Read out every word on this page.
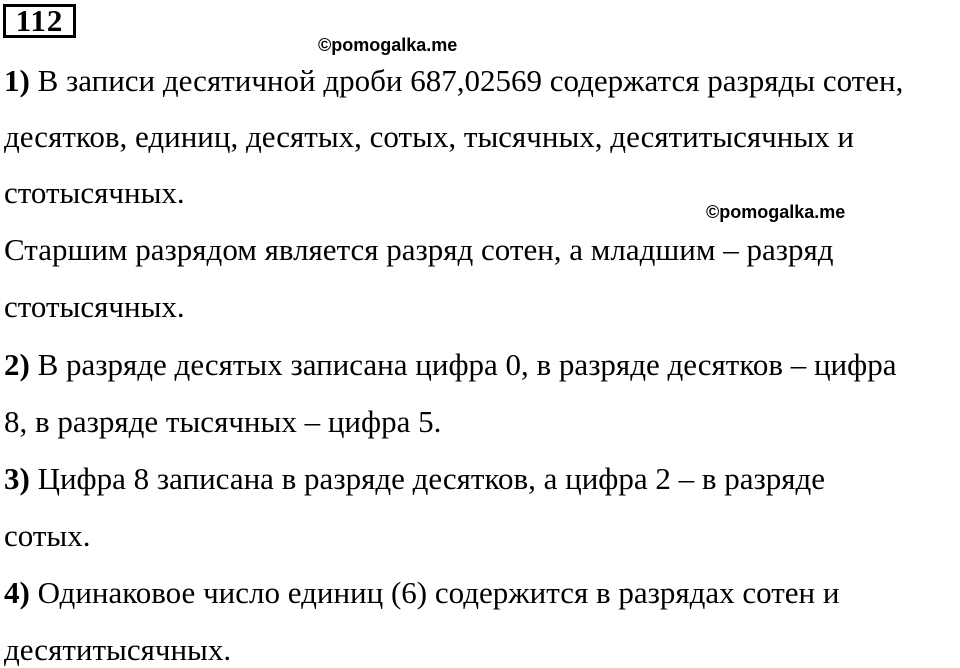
112
©pomogalka.me
©pomogalka.me
1) В записи десятичной дроби 687,02569 содержатся разряды сотен,
десятков, единиц, десятых, сотых, тысячных, десятитысячных и
стотысячных.
Старшим разрядом является разряд сотен, а младшим – разряд
стотысячных.
2) В разряде десятых записана цифра 0, в разряде десятков – цифра
8, в разряде тысячных – цифра 5.
3) Цифра 8 записана в разряде десятков, а цифра 2 – в разряде
сотых.
4) Одинаковое число единиц (6) содержится в разрядах сотен и
десятитысячных.
